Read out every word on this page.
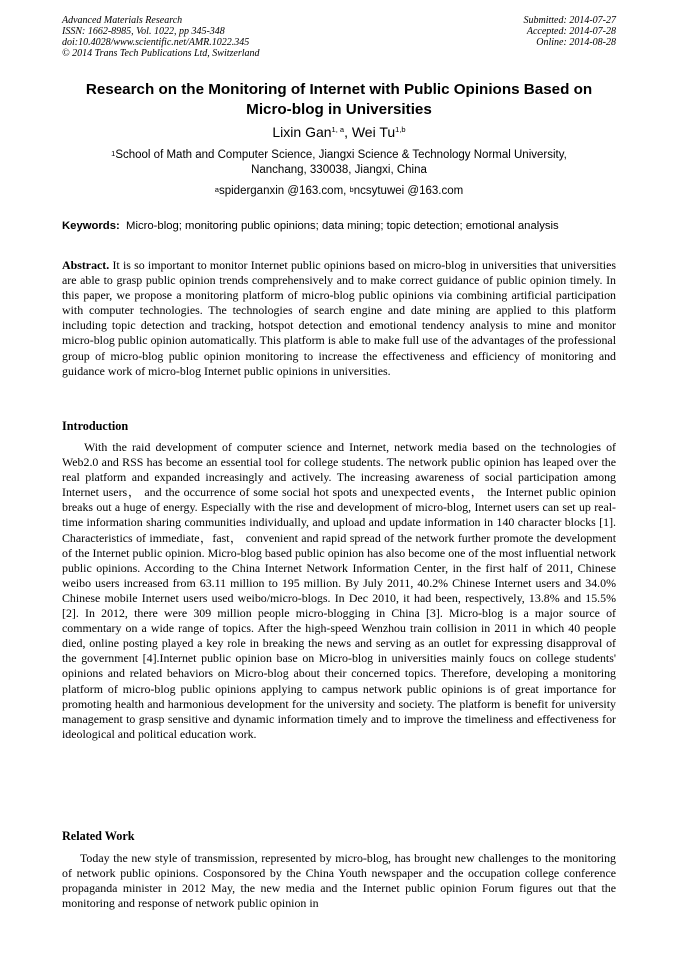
Advanced Materials Research
ISSN: 1662-8985, Vol. 1022, pp 345-348
doi:10.4028/www.scientific.net/AMR.1022.345
© 2014 Trans Tech Publications Ltd, Switzerland
Submitted: 2014-07-27
Accepted: 2014-07-28
Online: 2014-08-28
Research on the Monitoring of Internet with Public Opinions Based on
Micro-blog in Universities
Lixin Gan$^{1, a}$, Wei Tu$^{1,b}$
$^1$School of Math and Computer Science, Jiangxi Science & Technology Normal University,
Nanchang, 330038, Jiangxi, China
$^a$spiderganxin @163.com, $^b$ncsytuwei @163.com
Keywords: Micro-blog; monitoring public opinions; data mining; topic detection; emotional analysis

Abstract. It is so important to monitor Internet public opinions based on micro-blog in universities that universities are able to grasp public opinion trends comprehensively and to make correct guidance of public opinion timely. In this paper, we propose a monitoring platform of micro-blog public opinions via combining artificial participation with computer technologies. The technologies of search engine and date mining are applied to this platform including topic detection and tracking, hotspot detection and emotional tendency analysis to mine and monitor micro-blog public opinion automatically. This platform is able to make full use of the advantages of the professional group of micro-blog public opinion monitoring to increase the effectiveness and efficiency of monitoring and guidance work of micro-blog Internet public opinions in universities.

Introduction

With the raid development of computer science and Internet, network media based on the technologies of Web2.0 and RSS has become an essential tool for college students. The network public opinion has leaped over the real platform and expanded increasingly and actively. The increasing awareness of social participation among Internet users， and the occurrence of some social hot spots and unexpected events， the Internet public opinion breaks out a huge of energy. Especially with the rise and development of micro-blog, Internet users can set up real-time information sharing communities individually, and upload and update information in 140 character blocks [1]. Characteristics of immediate，fast， convenient and rapid spread of the network further promote the development of the Internet public opinion. Micro-blog based public opinion has also become one of the most influential network public opinions. According to the China Internet Network Information Center, in the first half of 2011, Chinese weibo users increased from 63.11 million to 195 million. By July 2011, 40.2% Chinese Internet users and 34.0% Chinese mobile Internet users used weibo/micro-blogs. In Dec 2010, it had been, respectively, 13.8% and 15.5% [2]. In 2012, there were 309 million people micro-blogging in China [3]. Micro-blog is a major source of commentary on a wide range of topics. After the high-speed Wenzhou train collision in 2011 in which 40 people died, online posting played a key role in breaking the news and serving as an outlet for expressing disapproval of the government [4].Internet public opinion base on Micro-blog in universities mainly foucs on college students' opinions and related behaviors on Micro-blog about their concerned topics. Therefore, developing a monitoring platform of micro-blog public opinions applying to campus network public opinions is of great importance for promoting health and harmonious development for the university and society. The platform is benefit for university management to grasp sensitive and dynamic information timely and to improve the timeliness and effectiveness for ideological and political education work.

Related Work

Today the new style of transmission, represented by micro-blog, has brought new challenges to the monitoring of network public opinions. Cosponsored by the China Youth newspaper and the occupation college conference propaganda minister in 2012 May, the new media and the Internet public opinion Forum figures out that the monitoring and response of network public opinion in
